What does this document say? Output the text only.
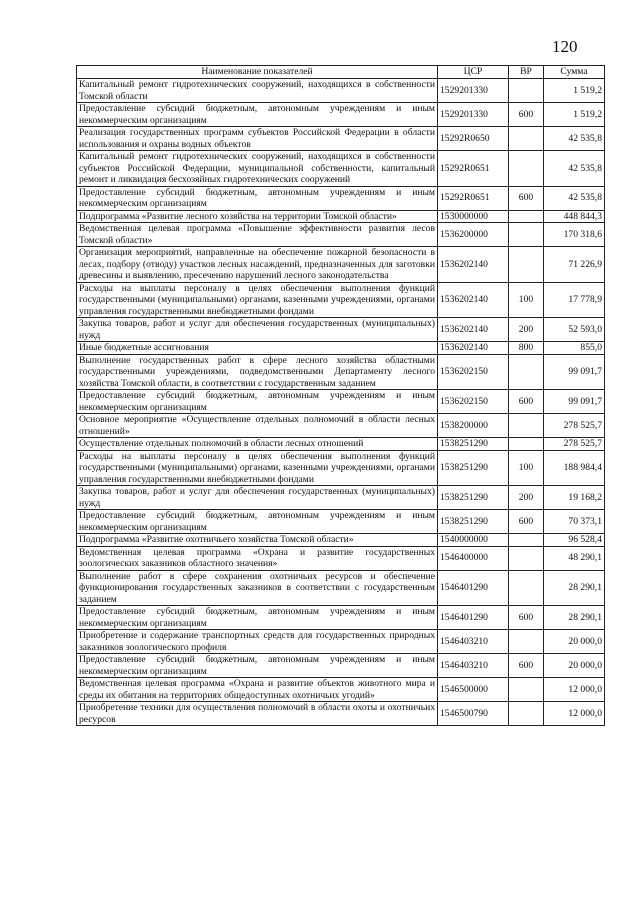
120
Наименование показателей	ЦСР	ВР	Сумма
Капитальный ремонт гидротехнических сооружений, находящихся в собственности Томской области	1529201330		1 519,2
Предоставление субсидий бюджетным, автономным учреждениям и иным некоммерческим организациям	1529201330	600	1 519,2
Реализация государственных программ субъектов Российской Федерации в области использования и охраны водных объектов	15292R0650		42 535,8
Капитальный ремонт гидротехнических сооружений, находящихся в собственности субъектов Российской Федерации, муниципальной собственности, капитальный ремонт и ликвидация бесхозяйных гидротехнических сооружений	15292R0651		42 535,8
Предоставление субсидий бюджетным, автономным учреждениям и иным некоммерческим организациям	15292R0651	600	42 535,8
Подпрограмма «Развитие лесного хозяйства на территории Томской области»	1530000000		448 844,3
Ведомственная целевая программа «Повышение эффективности развития лесов Томской области»	1536200000		170 318,6
Организация мероприятий, направленные на обеспечение пожарной безопасности в лесах, подбору (отводу) участков лесных насаждений, предназначенных для заготовки древесины и выявлению, пресечению нарушений лесного законодательства	1536202140		71 226,9
Расходы на выплаты персоналу в целях обеспечения выполнения функций государственными (муниципальными) органами, казенными учреждениями, органами управления государственными внебюджетными фондами	1536202140	100	17 778,9
Закупка товаров, работ и услуг для обеспечения государственных (муниципальных) нужд	1536202140	200	52 593,0
Иные бюджетные ассигнования	1536202140	800	855,0
Выполнение государственных работ в сфере лесного хозяйства областными государственными учреждениями, подведомственными Департаменту лесного хозяйства Томской области, в соответствии с государственным заданием	1536202150		99 091,7
Предоставление субсидий бюджетным, автономным учреждениям и иным некоммерческим организациям	1536202150	600	99 091,7
Основное мероприятие «Осуществление отдельных полномочий в области лесных отношений»	1538200000		278 525,7
Осуществление отдельных полномочий в области лесных отношений	1538251290		278 525,7
Расходы на выплаты персоналу в целях обеспечения выполнения функций государственными (муниципальными) органами, казенными учреждениями, органами управления государственными внебюджетными фондами	1538251290	100	188 984,4
Закупка товаров, работ и услуг для обеспечения государственных (муниципальных) нужд	1538251290	200	19 168,2
Предоставление субсидий бюджетным, автономным учреждениям и иным некоммерческим организациям	1538251290	600	70 373,1
Подпрограмма «Развитие охотничьего хозяйства Томской области»	1540000000		96 528,4
Ведомственная целевая программа «Охрана и развитие государственных зоологических заказников областного значения»	1546400000		48 290,1
Выполнение работ в сфере сохранения охотничьих ресурсов и обеспечение функционирования государственных заказников в соответствии с государственным заданием	1546401290		28 290,1
Предоставление субсидий бюджетным, автономным учреждениям и иным некоммерческим организациям	1546401290	600	28 290,1
Приобретение и содержание транспортных средств для государственных природных заказников зоологического профиля	1546403210		20 000,0
Предоставление субсидий бюджетным, автономным учреждениям и иным некоммерческим организациям	1546403210	600	20 000,0
Ведомственная целевая программа «Охрана и развитие объектов животного мира и среды их обитания на территориях общедоступных охотничьих угодий»	1546500000		12 000,0
Приобретение техники для осуществления полномочий в области охоты и охотничьих ресурсов	1546500790		12 000,0
